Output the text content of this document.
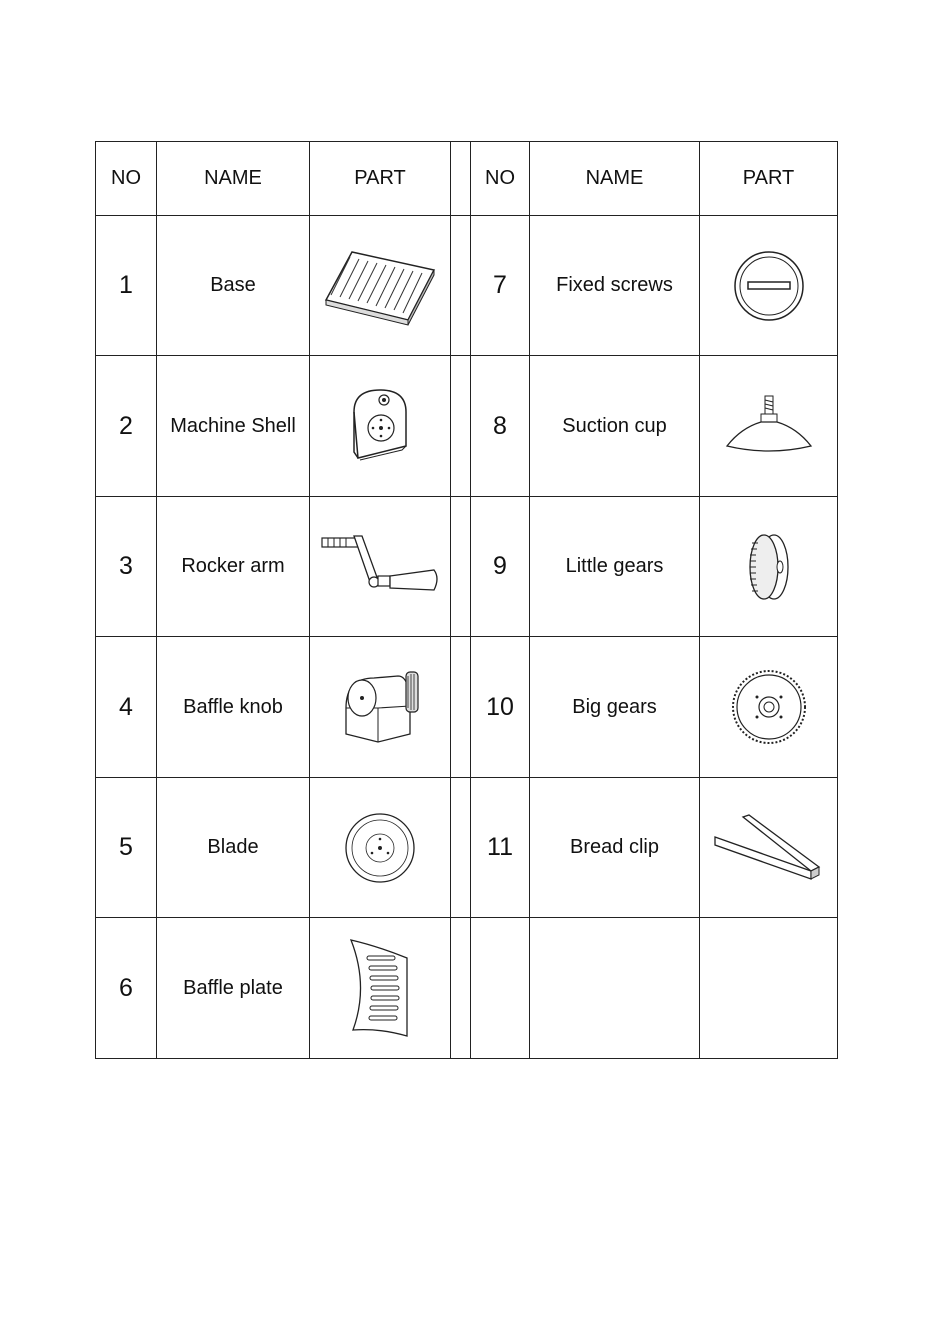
NO	NAME	PART		NO	NAME	PART
1	Base			7	Fixed screws	

2	Machine Shell			8	Suction cup	

3	Rocker arm			9	Little gears	

4	Baffle knob			10	Big gears	

5	Blade			11	Bread clip	

6	Baffle plate	
